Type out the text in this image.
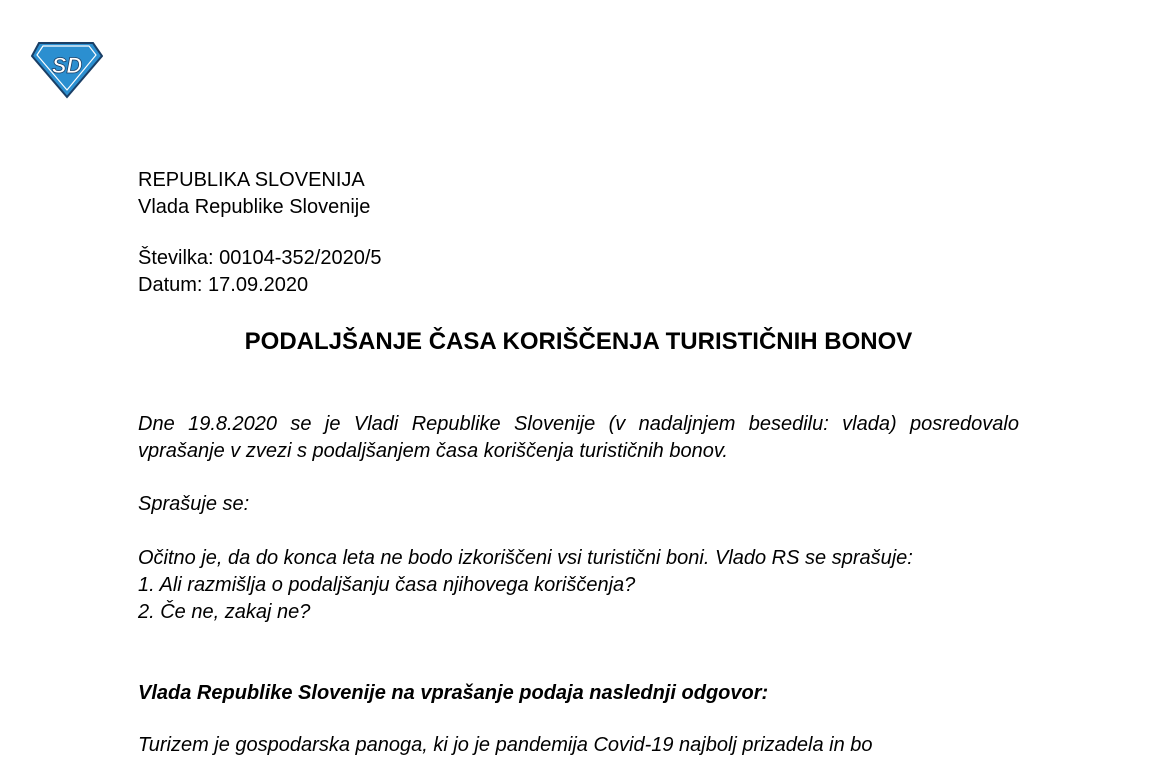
SD
REPUBLIKA SLOVENIJA
Vlada Republike Slovenije
Številka: 00104-352/2020/5
Datum: 17.09.2020
PODALJŠANJE ČASA KORIŠČENJA TURISTIČNIH BONOV
Dne 19.8.2020 se je Vladi Republike Slovenije (v nadaljnjem besedilu: vlada) posredovalo vprašanje v zvezi s podaljšanjem časa koriščenja turističnih bonov.
Sprašuje se:
Očitno je, da do konca leta ne bodo izkoriščeni vsi turistični boni. Vlado RS se sprašuje:
1. Ali razmišlja o podaljšanju časa njihovega koriščenja?
2. Če ne, zakaj ne?
Vlada Republike Slovenije na vprašanje podaja naslednji odgovor:
Turizem je gospodarska panoga, ki jo je pandemija Covid-19 najbolj prizadela in bo
